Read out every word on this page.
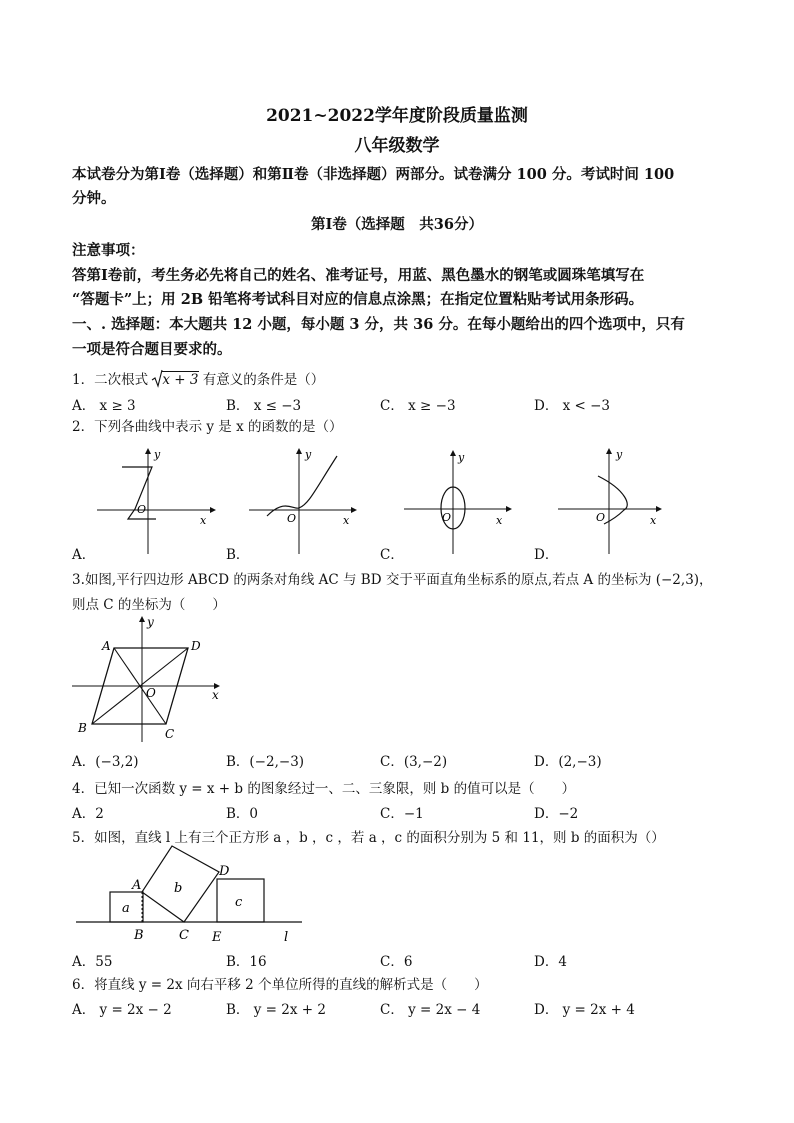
2021~2022学年度阶段质量监测
八年级数学
本试卷分为第Ⅰ卷（选择题）和第Ⅱ卷（非选择题）两部分。试卷满分 100 分。考试时间 100
分钟。
第Ⅰ卷（选择题　共36分）
注意事项：
答第Ⅰ卷前，考生务必先将自己的姓名、准考证号，用蓝、黑色墨水的钢笔或圆珠笔填写在
“答题卡”上；用 2B 铅笔将考试科目对应的信息点涂黑；在指定位置粘贴考试用条形码。
一、. 选择题：本大题共 12 小题，每小题 3 分，共 36 分。在每小题给出的四个选项中，只有
一项是符合题目要求的。
1．二次根式 x + 3 有意义的条件是（）
A． x ≥ 3	B． x ≤ −3	C． x ≥ −3	D． x < −3
2．下列各曲线中表示 y 是 x 的函数的是（）
O
x
y
O	x
y
O	x
y
O	x
y
A．	B．	C．	D．
3.如图,平行四边形 ABCD 的两条对角线 AC 与 BD 交于平面直角坐标系的原点,若点 A 的坐标为 (−2,3)，
则点 C 的坐标为（　　）
A	D
B	C
O	x
y
A．(−3,2)	B．(−2,−3)	C．(3,−2)	D．(2,−3)
4．已知一次函数 y = x + b 的图象经过一、二、三象限，则 b 的值可以是（　　）
A．2	B．0	C．−1	D．−2
5．如图，直线 l 上有三个正方形 a ，b ，c ，若 a ，c 的面积分别为 5 和 11，则 b 的面积为（）
a
b
c
A
B	C
D
E	l
A．55	B．16	C．6	D．4
6．将直线 y = 2x 向右平移 2 个单位所得的直线的解析式是（　　）
A． y = 2x − 2	B． y = 2x + 2	C． y = 2x − 4	D． y = 2x + 4
